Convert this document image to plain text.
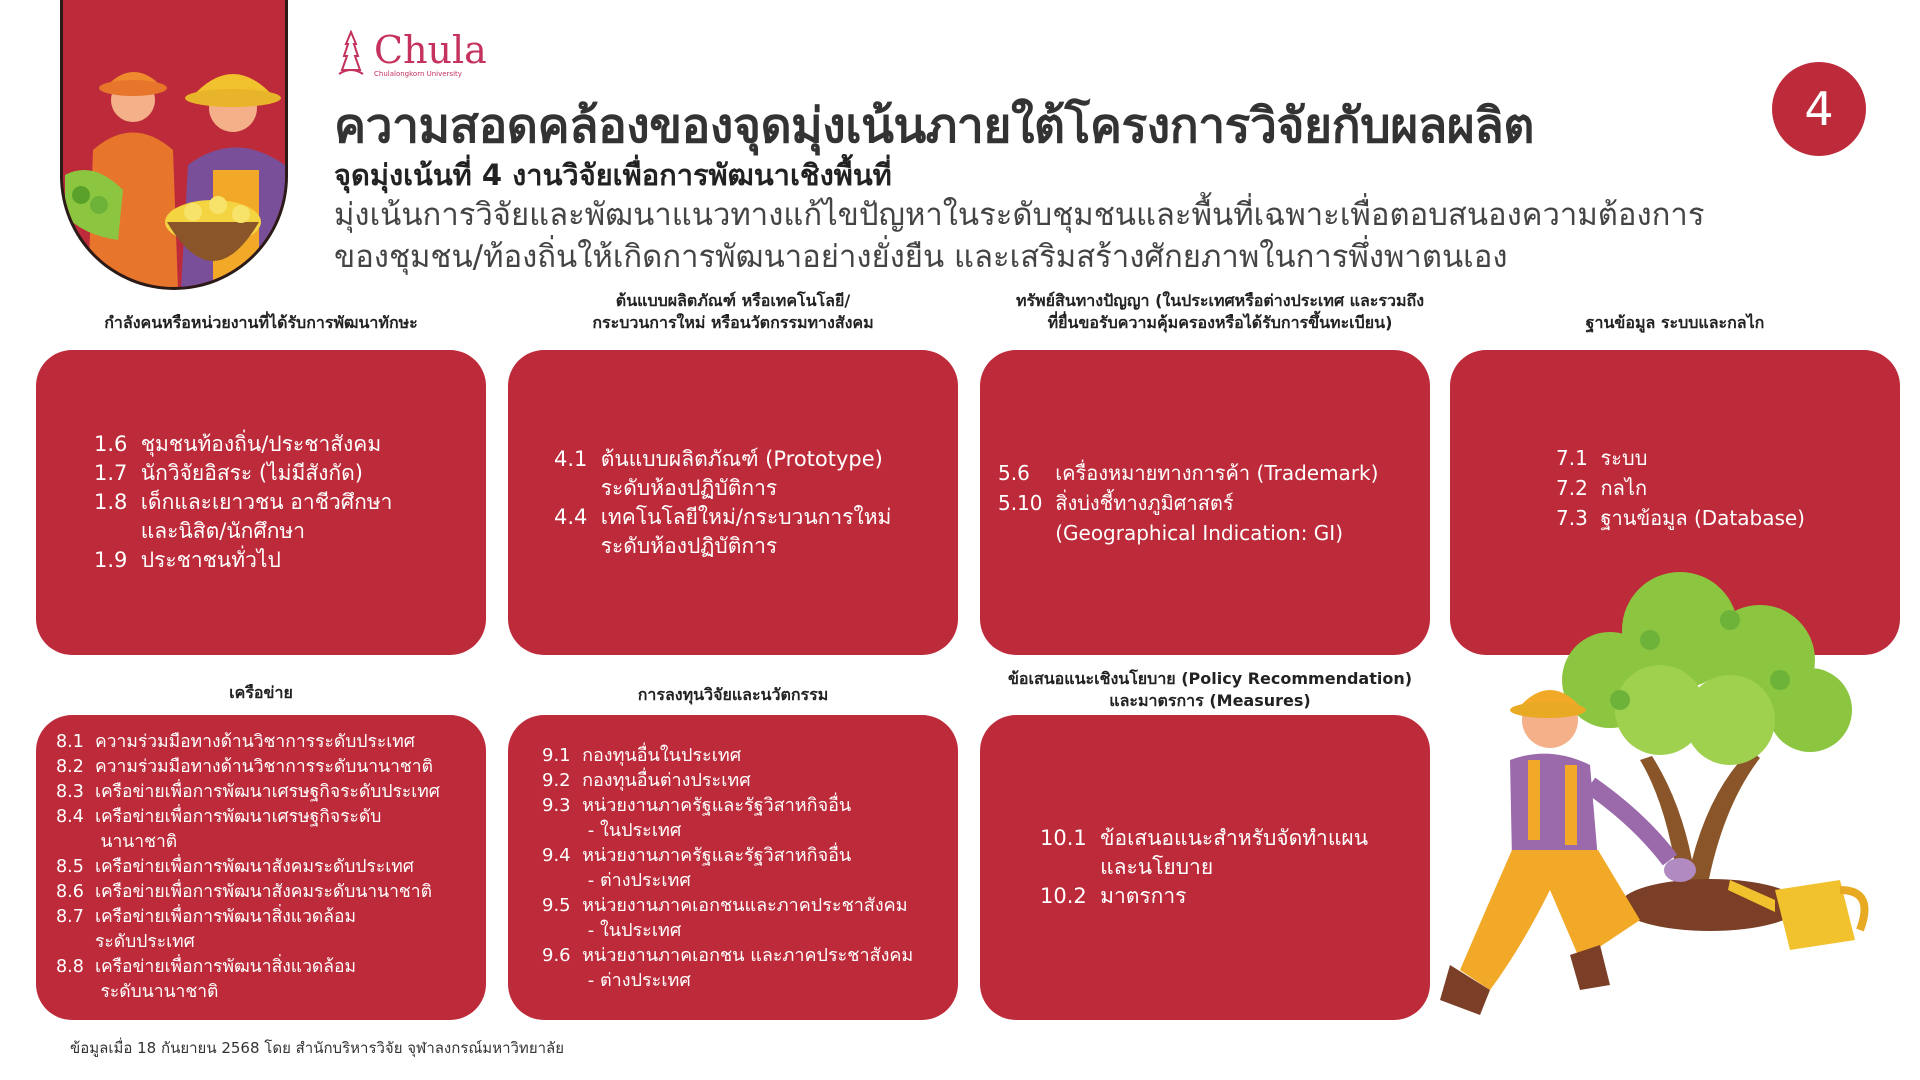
Chula
Chulalongkorn University
ความสอดคล้องของจุดมุ่งเน้นภายใต้โครงการวิจัยกับผลผลิต	4
จุดมุ่งเน้นที่ 4 งานวิจัยเพื่อการพัฒนาเชิงพื้นที่
มุ่งเน้นการวิจัยและพัฒนาแนวทางแก้ไขปัญหาในระดับชุมชนและพื้นที่เฉพาะเพื่อตอบสนองความต้องการ
ของชุมชน/ท้องถิ่นให้เกิดการพัฒนาอย่างยั่งยืน และเสริมสร้างศักยภาพในการพึ่งพาตนเอง
กำลังคนหรือหน่วยงานที่ได้รับการพัฒนาทักษะ
ต้นแบบผลิตภัณฑ์ หรือเทคโนโลยี/
กระบวนการใหม่ หรือนวัตกรรมทางสังคม
ทรัพย์สินทางปัญญา (ในประเทศหรือต่างประเทศ และรวมถึง
ที่ยื่นขอรับความคุ้มครองหรือได้รับการขึ้นทะเบียน)	ฐานข้อมูล ระบบและกลไก
1.6  ชุมชนท้องถิ่น/ประชาสังคม
1.7  นักวิจัยอิสระ (ไม่มีสังกัด)
1.8  เด็กและเยาวชน อาชีวศึกษา
และนิสิต/นักศึกษา
1.9  ประชาชนทั่วไป
4.1  ต้นแบบผลิตภัณฑ์ (Prototype)
ระดับห้องปฏิบัติการ
4.4  เทคโนโลยีใหม่/กระบวนการใหม่
ระดับห้องปฏิบัติการ
5.6    เครื่องหมายทางการค้า (Trademark)
5.10  สิ่งบ่งชี้ทางภูมิศาสตร์
(Geographical Indication: GI)
7.1  ระบบ
7.2  กลไก
7.3  ฐานข้อมูล (Database)
เครือข่าย	การลงทุนวิจัยและนวัตกรรม
ข้อเสนอแนะเชิงนโยบาย (Policy Recommendation)
และมาตรการ (Measures)
8.1  ความร่วมมือทางด้านวิชาการระดับประเทศ
8.2  ความร่วมมือทางด้านวิชาการระดับนานาชาติ
8.3  เครือข่ายเพื่อการพัฒนาเศรษฐกิจระดับประเทศ
8.4  เครือข่ายเพื่อการพัฒนาเศรษฐกิจระดับ
นานาชาติ
8.5  เครือข่ายเพื่อการพัฒนาสังคมระดับประเทศ
8.6  เครือข่ายเพื่อการพัฒนาสังคมระดับนานาชาติ
8.7  เครือข่ายเพื่อการพัฒนาสิ่งแวดล้อม
ระดับประเทศ
8.8  เครือข่ายเพื่อการพัฒนาสิ่งแวดล้อม
ระดับนานาชาติ
9.1  กองทุนอื่นในประเทศ
9.2  กองทุนอื่นต่างประเทศ
9.3  หน่วยงานภาครัฐและรัฐวิสาหกิจอื่น
- ในประเทศ
9.4  หน่วยงานภาครัฐและรัฐวิสาหกิจอื่น
- ต่างประเทศ
9.5  หน่วยงานภาคเอกชนและภาคประชาสังคม
- ในประเทศ
9.6  หน่วยงานภาคเอกชน และภาคประชาสังคม
- ต่างประเทศ
10.1  ข้อเสนอแนะสำหรับจัดทำแผน
และนโยบาย
10.2  มาตรการ
ข้อมูลเมื่อ 18 กันยายน 2568 โดย สำนักบริหารวิจัย จุฬาลงกรณ์มหาวิทยาลัย
